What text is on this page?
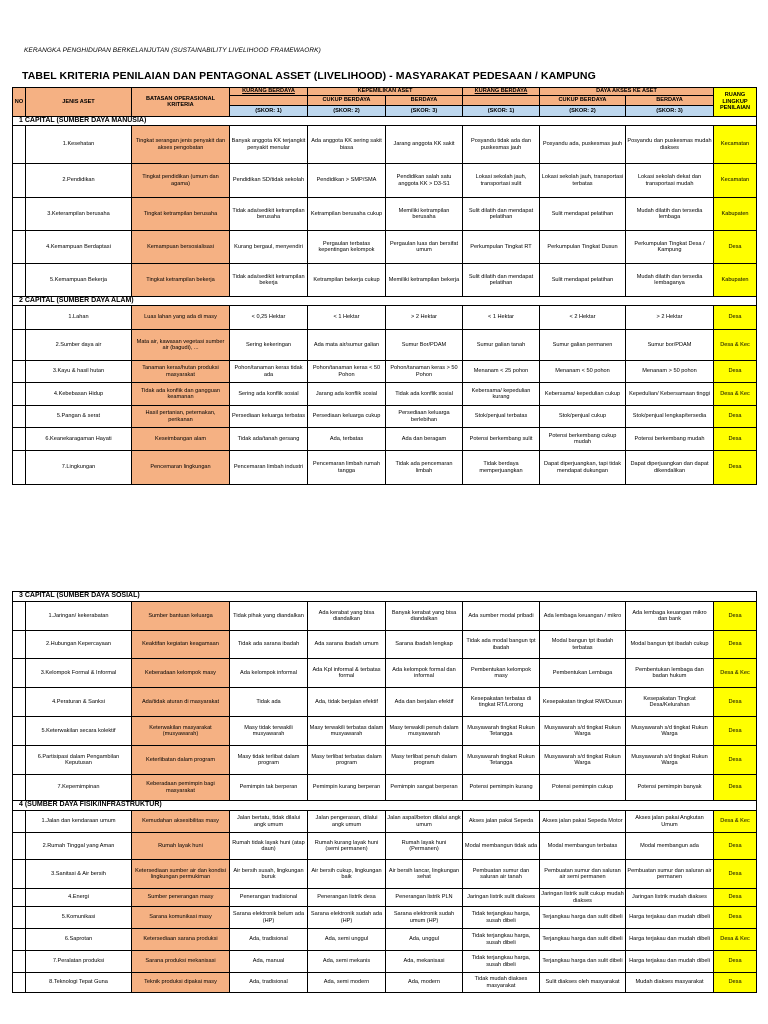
KERANGKA PENGHIDUPAN BERKELANJUTAN (SUSTAINABILITY LIVELIHOOD FRAMEWAORK)
TABEL KRITERIA PENILAIAN DAN PENTAGONAL ASSET (LIVELIHOOD) - MASYARAKAT PEDESAAN / KAMPUNG
NO	JENIS ASET	BATASAN OPERASIONAL KRITERIA	KURANG BERDAYA	KEPEMILIKAN ASET		KURANG BERDAYA	DAYA AKSES KE ASET		RUANG LINGKUP PENILAIAN
				CUKUP BERDAYA	BERDAYA		CUKUP BERDAYA	BERDAYA	
			(SKOR: 1)	(SKOR: 2)	(SKOR: 3)	(SKOR: 1)	(SKOR: 2)	(SKOR: 3)	
1 CAPITAL (SUMBER DAYA MANUSIA)									
	1.Kesehatan	Tingkat serangan jenis penyakit dan akses pengobatan	Banyak anggota KK terjangkit penyakit menular	Ada anggota KK sering sakit biasa	Jarang anggota KK sakit	Posyandu tidak ada dan puskesmas jauh	Posyandu ada, puskesmas jauh	Posyandu dan puskesmas mudah diakses	Kecamatan
	2.Pendidikan	Tingkat pendidikan (umum dan agama)	Pendidikan SD/tidak sekolah	Pendidikan > SMP/SMA	Pendidikan salah satu anggota KK > D3-S1	Lokasi sekolah jauh, transportasi sulit	Lokasi sekolah jauh, transportasi terbatas	Lokasi sekolah dekat dan transportasi mudah	Kecamatan
	3.Keterampilan berusaha	Tingkat ketrampilan berusaha	Tidak ada/sedikit ketrampilan berusaha	Ketrampilan berusaha cukup	Memiliki ketrampilan berusaha	Sulit dilatih dan mendapat pelatihan	Sulit mendapat pelatihan	Mudah dilatih dan tersedia lembaga	Kabupaten
	4.Kemampuan Berdaptasi	Kemampuan bersosialisasi	Kurang bergaul, menyendiri	Pergaulan terbatas kepentingan kelompok	Pergaulan luas dan bersifat umum	Perkumpulan Tingkat RT	Perkumpulan Tingkat Dusun	Perkumpulan Tingkat Desa / Kampung	Desa
	5.Kemampuan Bekerja	Tingkat ketrampilan bekerja	Tidak ada/sedikit ketrampilan bekerja	Ketrampilan bekerja cukup	Memiliki ketrampilan bekerja	Sulit dilatih dan mendapat pelatihan	Sulit mendapat pelatihan	Mudah dilatih dan tersedia lembaganya	Kabupaten
2 CAPITAL (SUMBER DAYA ALAM)									
	1.Lahan	Luas lahan yang ada di masy	< 0,25 Hektar	< 1 Hektar	> 2 Hektar	< 1 Hektar	< 2 Hektar	> 2 Hektar	Desa
	2.Sumber daya air	Mata air, kawasan vegetasi sumber air (bagudi), ...	Sering kekeringan	Ada mata air/sumur galian	Sumur Bor/PDAM	Sumur galian tanah	Sumur galian permanen	Sumur bor/PDAM	Desa & Kec
	3.Kayu & hasil hutan	Tanaman keras/hutan produksi masyarakat	Pohon/tanaman keras tidak ada	Pohon/tanaman keras < 50 Pohon	Pohon/tanaman keras > 50 Pohon	Menanam < 25 pohon	Menanam < 50 pohon	Menanam > 50 pohon	Desa
	4.Kebebasan Hidup	Tidak ada konflik dan gangguan keamanan	Sering ada konflik sosial	Jarang ada konflik sosial	Tidak ada konflik sosial	Kebersama/ kepedulian kurang	Kebersama/ kepedulian cukup	Kepedulian/ Kebersamaan tinggi	Desa & Kec
	5.Pangan & serat	Hasil pertanian, peternakan, perikanan	Persediaan keluarga terbatas	Persediaan keluarga cukup	Persediaan keluarga berlebihan	Stok/penjual terbatas	Stok/penjual cukup	Stok/penjual lengkap/tersedia	Desa
	6.Keanekaragaman Hayati	Keseimbangan alam	Tidak ada/tanah gersang	Ada, terbatas	Ada dan beragam	Potensi berkembang sulit	Potensi berkembang cukup mudah	Potensi berkembang mudah	Desa
	7.Lingkungan	Pencemaran lingkungan	Pencemaran limbah industri	Pencemaran limbah rumah tangga	Tidak ada pencemaran limbah	Tidak berdaya memperjuangkan	Dapat diperjuangkan, tapi tidak mendapat dukungan	Dapat diperjuangkan dan dapat dikendalikan	Desa
3 CAPITAL (SUMBER DAYA SOSIAL)									
	1.Jaringan/ kekerabatan	Sumber bantuan keluarga	Tidak pihak yang diandalkan	Ada kerabat yang bisa diandalkan	Banyak kerabat yang bisa diandalkan	Ada sumber modal pribadi	Ada lembaga keuangan / mikro	Ada lembaga keuangan mikro dan bank	Desa
	2.Hubungan Kepercayaan	Keaktifan kegiatan keagamaan	Tidak ada sarana ibadah	Ada sarana ibadah umum	Sarana ibadah lengkap	Tidak ada modal bangun tpt ibadah	Modal bangun tpt ibadah terbatas	Modal bangun tpt ibadah cukup	Desa
	3.Kelompok Formal & Informal	Keberadaan kelompok masy	Ada kelompok informal	Ada Kpl informal & terbatas formal	Ada kelompok formal dan informal	Pembentukan kelompok masy	Pembentukan Lembaga	Pembentukan lembaga dan badan hukum	Desa & Kec
	4.Peraturan & Sanksi	Ada/tidak aturan di masyarakat	Tidak ada	Ada, tidak berjalan efektif	Ada dan berjalan efektif	Kesepakatan terbatas di tingkat RT/Lorong	Kesepakatan tingkat RW/Dusun	Kesepakatan Tingkat Desa/Kelurahan	Desa
	5.Keterwakilan secara kolektif	Keterwakilan masyarakat (musyawarah)	Masy tidak terwakili musyawarah	Masy terwakili terbatas dalam musyawarah	Masy terwakili penuh dalam musyawarah	Musyawarah tingkat Rukun Tetangga	Musyawarah s/d tingkat Rukun Warga	Musyawarah s/d tingkat Rukun Warga	Desa
	6.Partisipasi dalam Pengambilan Keputusan	Keterlibatan dalam program	Masy tidak terlibat dalam program	Masy terlibat terbatas dalam program	Masy terlibat penuh dalam program	Musyawarah tingkat Rukun Tetangga	Musyawarah s/d tingkat Rukun Warga	Musyawarah s/d tingkat Rukun Warga	Desa
	7.Kepemimpinan	Keberadaan pemimpin bagi masyarakat	Pemimpin tak berperan	Pemimpin kurang berperan	Pemimpin sangat berperan	Potensi pemimpin kurang	Potensi pemimpin cukup	Potensi pemimpin banyak	Desa
4 (SUMBER DAYA FISIK/INFRASTRUKTUR)									
	1.Jalan dan kendaraan umum	Kemudahan aksesibilitas masy	Jalan bertatu, tidak dilalui angk umum	Jalan pengerasan, dilalui angk umum	Jalan aspal/beton dilalui angk umum	Akses jalan pakai Sepeda	Akses jalan pakai Sepeda Motor	Akses jalan pakai Angkutan Umum	Desa & Kec
	2.Rumah Tinggal yang Aman	Rumah layak huni	Rumah tidak layak huni (atap daun)	Rumah kurang layak huni (semi permanen)	Rumah layak huni (Permanen)	Modal membangun tidak ada	Modal membangun terbatas	Modal membangun ada	Desa
	3.Sanitasi & Air bersih	Ketersediaan sumber air dan kondisi lingkungan permukiman	Air bersih susah, lingkungan buruk	Air bersih cukup, lingkungan baik	Air bersih lancar, lingkungan sehat	Pembuatan sumur dan saluran air tanah	Pembuatan sumur dan saluran air semi permanen	Pembuatan sumur dan saluran air permanen	Desa
	4.Energi	Sumber penerangan masy	Penerangan tradisional	Penerangan listrik desa	Penerangan listrik PLN	Jaringan listrik sulit diakses	Jaringan listrik sulit cukup mudah diakses	Jaringan listrik mudah diakses	Desa
	5.Komunikasi	Sarana komunikasi masy	Sarana elektronik belum ada (HP)	Sarana elektronik sudah ada (HP)	Sarana elektronik sudah umum (HP)	Tidak terjangkau harga, susah dibeli	Terjangkau harga dan sulit dibeli	Harga terjakau dan mudah dibeli	Desa
	6.Saprotan	Ketersediaan sarana produksi	Ada, tradisional	Ada, semi unggul	Ada, unggul	Tidak terjangkau harga, susah dibeli	Terjangkau harga dan sulit dibeli	Harga terjakau dan mudah dibeli	Desa & Kec
	7.Peralatan produksi	Sarana produksi mekanisasi	Ada, manual	Ada, semi mekanis	Ada, mekanisasi	Tidak terjangkau harga, susah dibeli	Terjangkau harga dan sulit dibeli	Harga terjakau dan mudah dibeli	Desa
	8.Teknologi Tepat Guna	Teknik produksi dipakai masy	Ada, tradisional	Ada, semi modern	Ada, modern	Tidak mudah diakses masyarakat	Sulit diakses oleh masyarakat	Mudah diakses masyarakat	Desa
